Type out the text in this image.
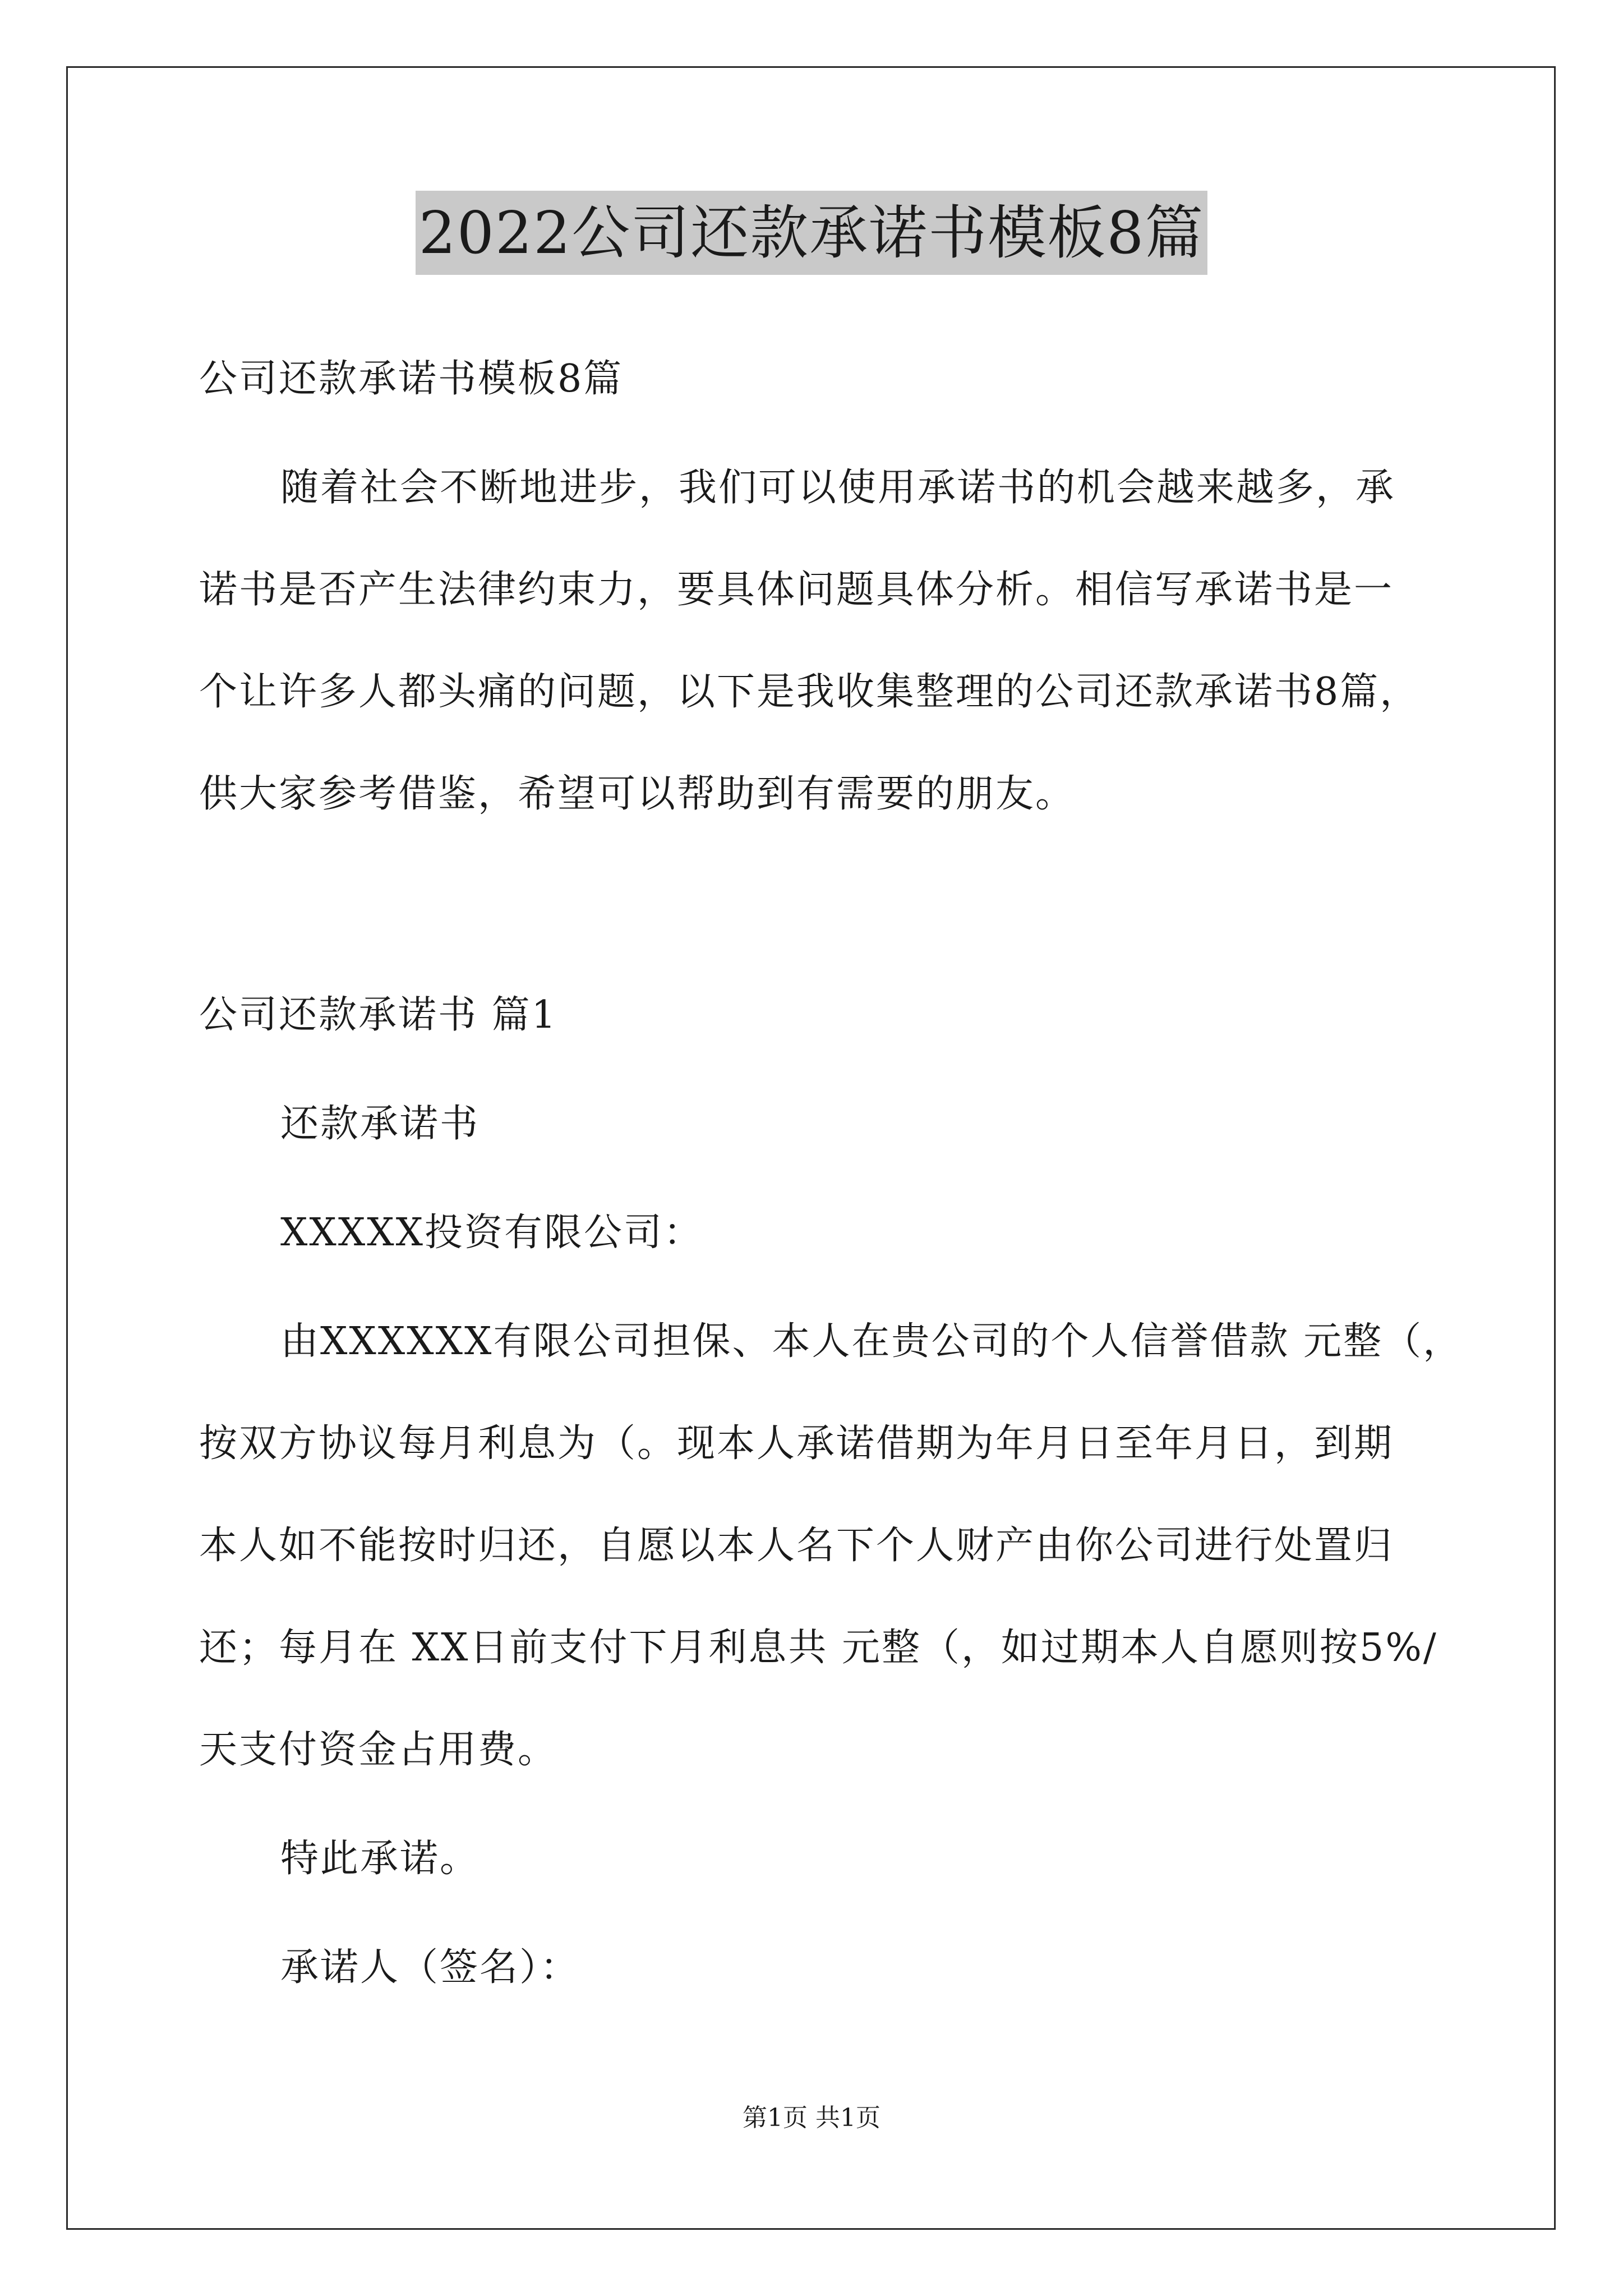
2022公司还款承诺书模板8篇
公司还款承诺书模板8篇
随着社会不断地进步，我们可以使用承诺书的机会越来越多，承
诺书是否产生法律约束力，要具体问题具体分析。相信写承诺书是一
个让许多人都头痛的问题，以下是我收集整理的公司还款承诺书8篇，
供大家参考借鉴，希望可以帮助到有需要的朋友。
公司还款承诺书 篇1
还款承诺书
XXXXX投资有限公司：
由XXXXXX有限公司担保、本人在贵公司的个人信誉借款 元整（，
按双方协议每月利息为（。现本人承诺借期为年月日至年月日，到期
本人如不能按时归还，自愿以本人名下个人财产由你公司进行处置归
还；每月在 XX日前支付下月利息共 元整（，如过期本人自愿则按5%/
天支付资金占用费。
特此承诺。
承诺人（签名）：
第1页 共1页
